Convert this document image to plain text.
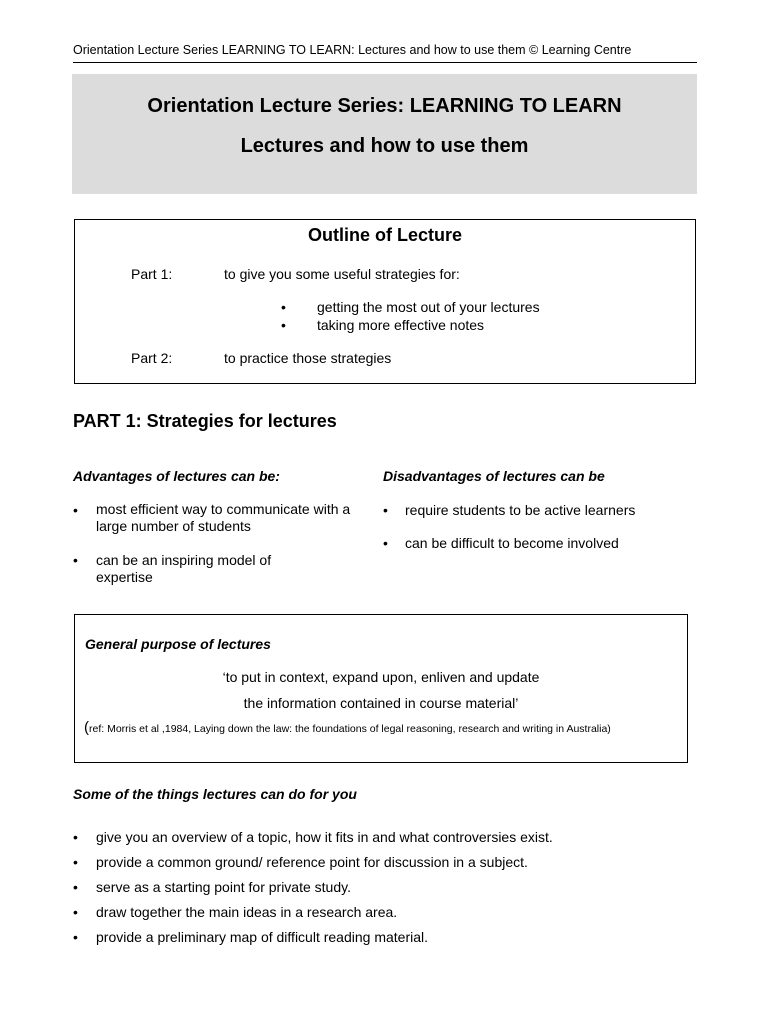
Orientation Lecture Series LEARNING TO LEARN: Lectures and how to use them © Learning Centre
Orientation Lecture Series: LEARNING TO LEARN
Lectures and how to use them
Outline of Lecture
Part 1:	to give you some useful strategies for:
• getting the most out of your lectures
• taking more effective notes
Part 2:	to practice those strategies
PART 1: Strategies for lectures
Advantages of lectures can be:
• most efficient way to communicate with a large number of students
• can be an inspiring model of expertise
Disadvantages of lectures can be
• require students to be active learners
• can be difficult to become involved
General purpose of lectures
‘to put in context, expand upon, enliven and update
the information contained in course material’
(ref: Morris et al ,1984, Laying down the law: the foundations of legal reasoning, research and writing in Australia)
Some of the things lectures can do for you
• give you an overview of a topic, how it fits in and what controversies exist.
• provide a common ground/ reference point for discussion in a subject.
• serve as a starting point for private study.
• draw together the main ideas in a research area.
• provide a preliminary map of difficult reading material.
